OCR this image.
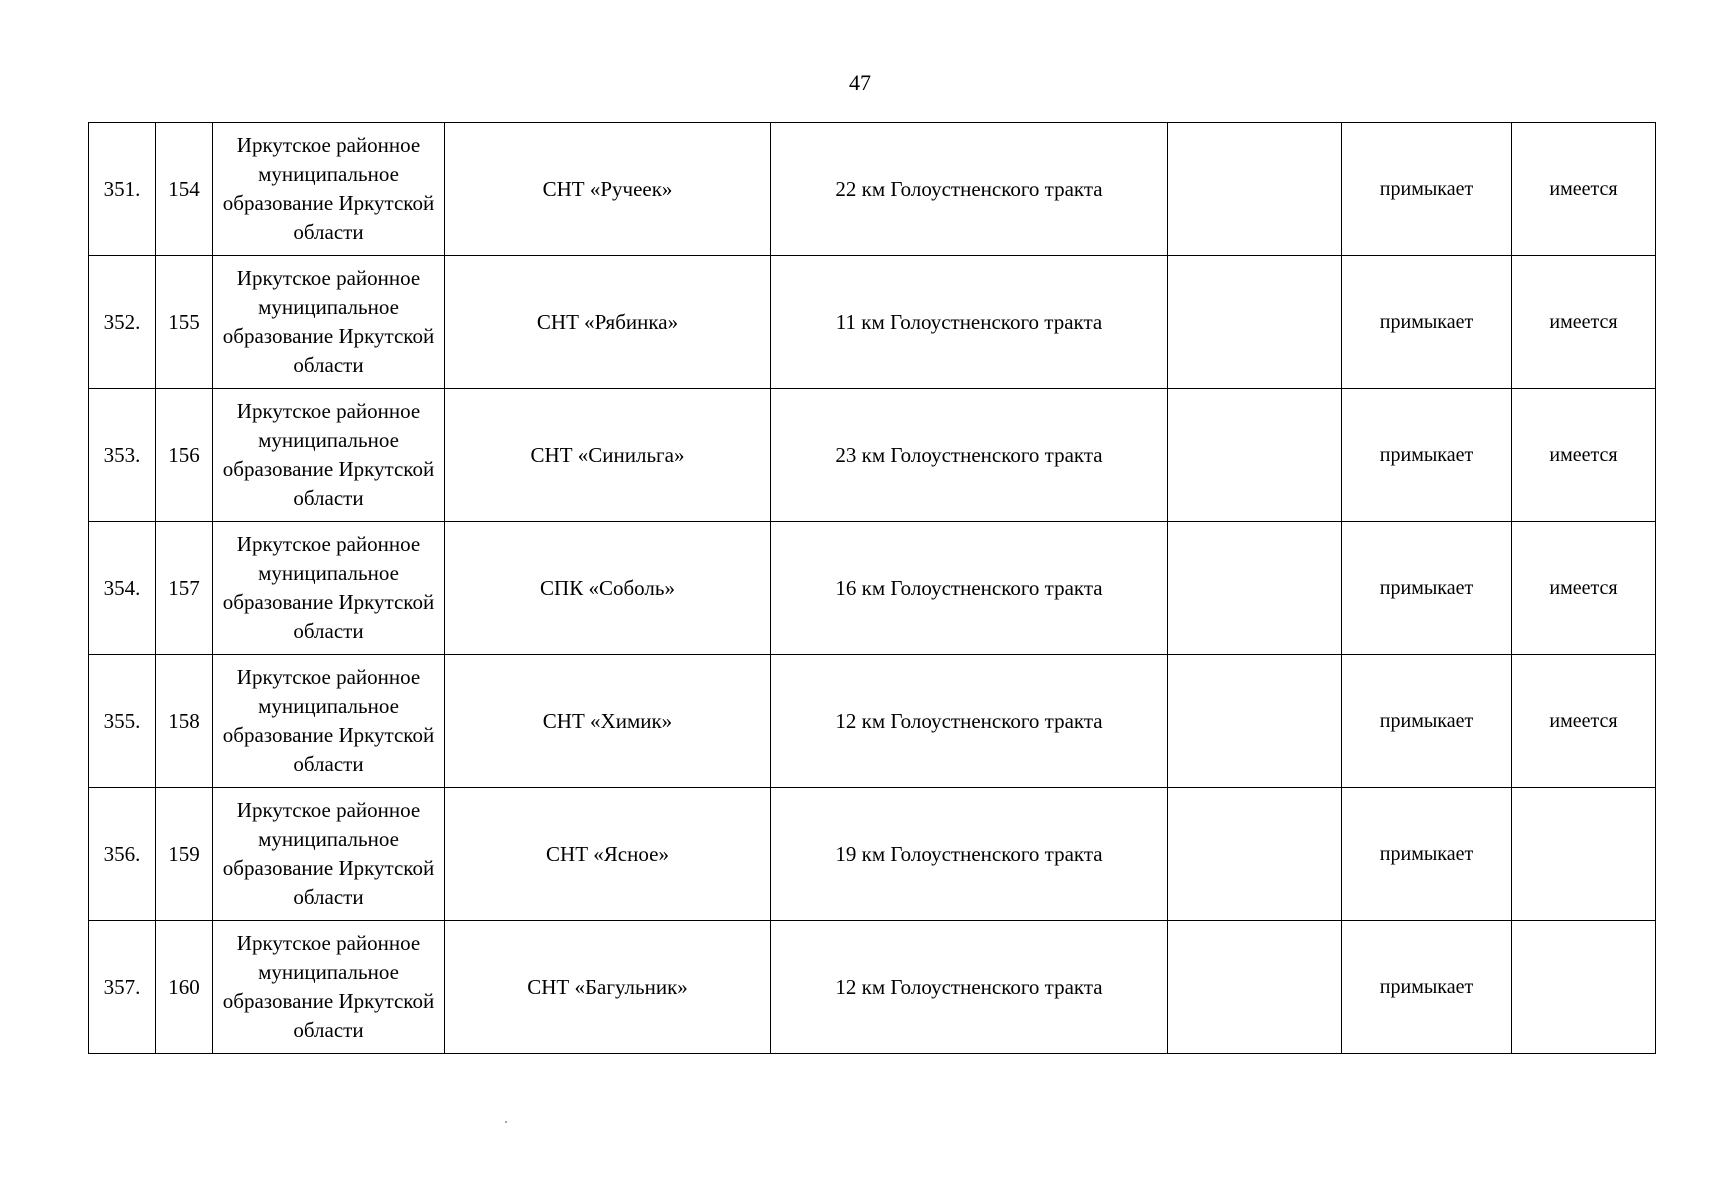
47
351.	154	Иркутское районное муниципальное образование Иркутской области	СНТ «Ручеек»	22 км Голоустненского тракта		примыкает	имеется
352.	155	Иркутское районное муниципальное образование Иркутской области	СНТ «Рябинка»	11 км Голоустненского тракта		примыкает	имеется
353.	156	Иркутское районное муниципальное образование Иркутской области	СНТ «Синильга»	23 км Голоустненского тракта		примыкает	имеется
354.	157	Иркутское районное муниципальное образование Иркутской области	СПК «Соболь»	16 км Голоустненского тракта		примыкает	имеется
355.	158	Иркутское районное муниципальное образование Иркутской области	СНТ «Химик»	12 км Голоустненского тракта		примыкает	имеется
356.	159	Иркутское районное муниципальное образование Иркутской области	СНТ «Ясное»	19 км Голоустненского тракта		примыкает	
357.	160	Иркутское районное муниципальное образование Иркутской области	СНТ «Багульник»	12 км Голоустненского тракта		примыкает	
